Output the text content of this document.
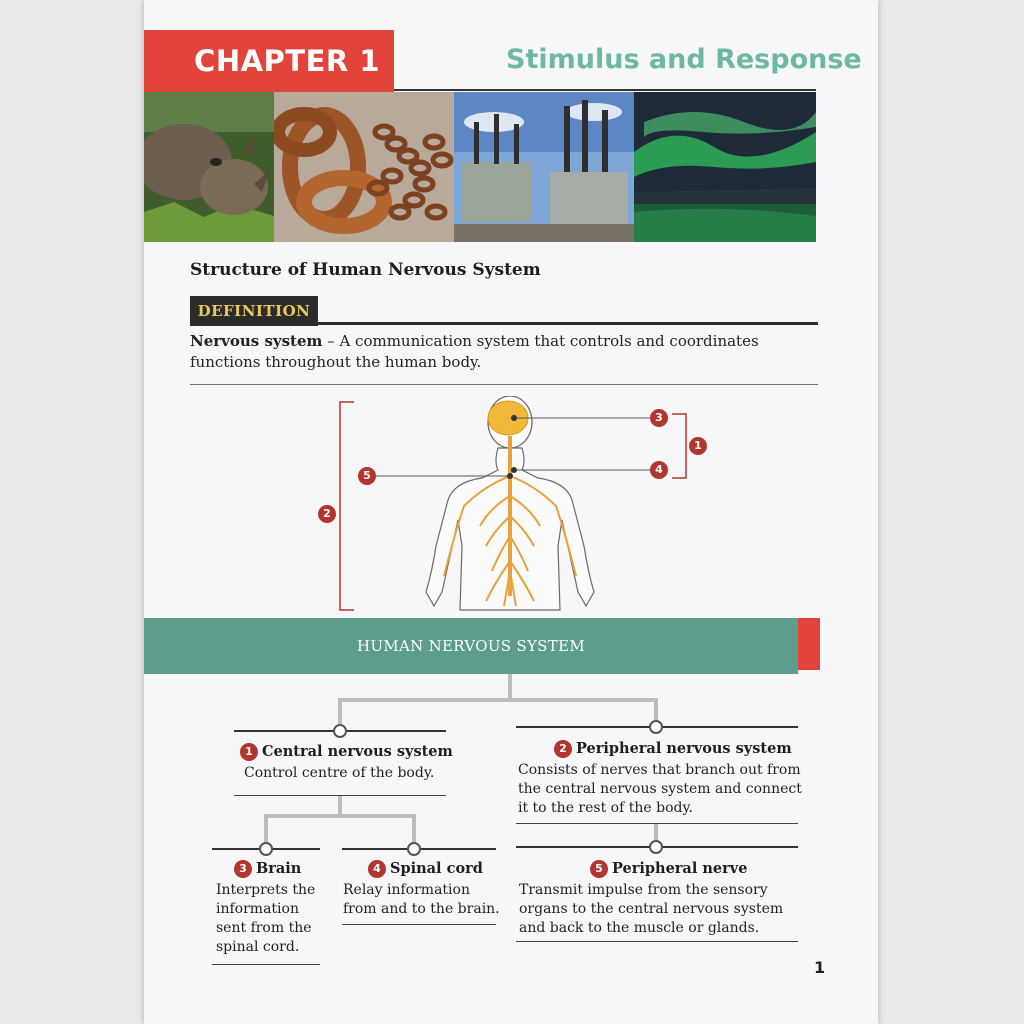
CHAPTER 1	Stimulus and Response
Structure of Human Nervous System
DEFINITION
Nervous system – A communication system that controls and coordinates functions throughout the human body.
3
4
1
5
2
HUMAN NERVOUS SYSTEM
1 Central nervous system
Control centre of the body.
2 Peripheral nervous system
Consists of nerves that branch out from the central nervous system and connect it to the rest of the body.
3 Brain
Interprets the information sent from the spinal cord.
4 Spinal cord
Relay information from and to the brain.
5 Peripheral nerve
Transmit impulse from the sensory organs to the central nervous system and back to the muscle or glands.
1
